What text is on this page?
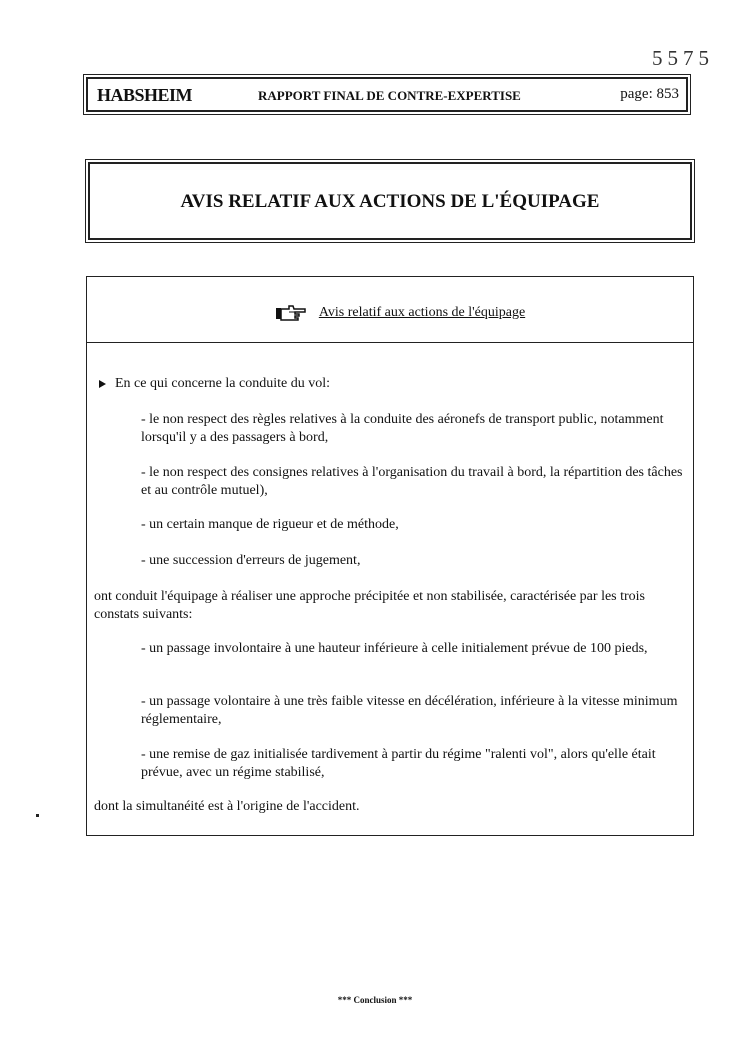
5575
HABSHEIM	RAPPORT FINAL DE CONTRE-EXPERTISE	page: 853
AVIS RELATIF AUX ACTIONS DE L'ÉQUIPAGE
Avis relatif aux actions de l'équipage
En ce qui concerne la conduite du vol:
- le non respect des règles relatives à la conduite des aéronefs de transport public, notamment lorsqu'il y a des passagers à bord,
- le non respect des consignes relatives à l'organisation du travail à bord, la répartition des tâches et au contrôle mutuel),
- un certain manque de rigueur et de méthode,
- une succession d'erreurs de jugement,
ont conduit l'équipage à réaliser une approche précipitée et non stabilisée, caractérisée par les trois constats suivants:
- un passage involontaire à une hauteur inférieure à celle initialement prévue de 100 pieds,
- un passage volontaire à une très faible vitesse en décélération, inférieure à la vitesse minimum réglementaire,
- une remise de gaz initialisée tardivement à partir du régime "ralenti vol", alors qu'elle était prévue, avec un régime stabilisé,
dont la simultanéité est à l'origine de l'accident.
*** Conclusion ***
